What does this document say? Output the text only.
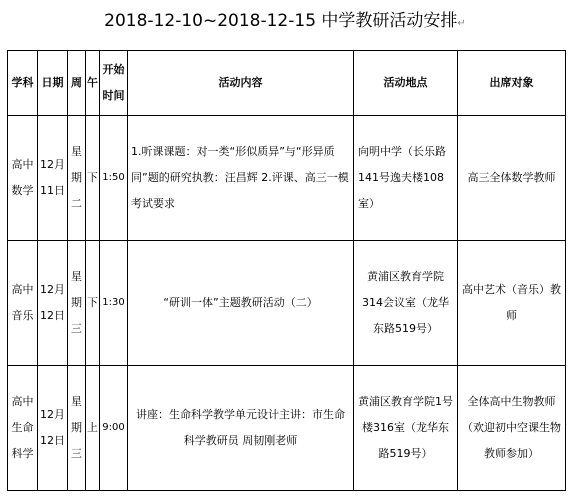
2018-12-10~2018-12-15 中学教研活动安排↵
学科	日期	周	午	开始时间	活动内容	活动地点	出席对象
高中数学	12月11日	星期二	下	1:50	1.听课课题：对一类“形似质异”与“形异质同”题的研究执教：汪昌辉 2.评课、高三一模考试要求	向明中学（长乐路141号逸夫楼108室）	高三全体数学教师
高中音乐	12月12日	星期三	下	1:30	“研训一体”主题教研活动（二）	黄浦区教育学院314会议室（龙华东路519号）	高中艺术（音乐）教师
高中生命科学	12月12日	星期三	上	9:00	讲座：生命科学教学单元设计主讲：市生命科学教研员 周韧刚老师	黄浦区教育学院1号楼316室（龙华东路519号）	全体高中生物教师（欢迎初中空课生物教师参加）
